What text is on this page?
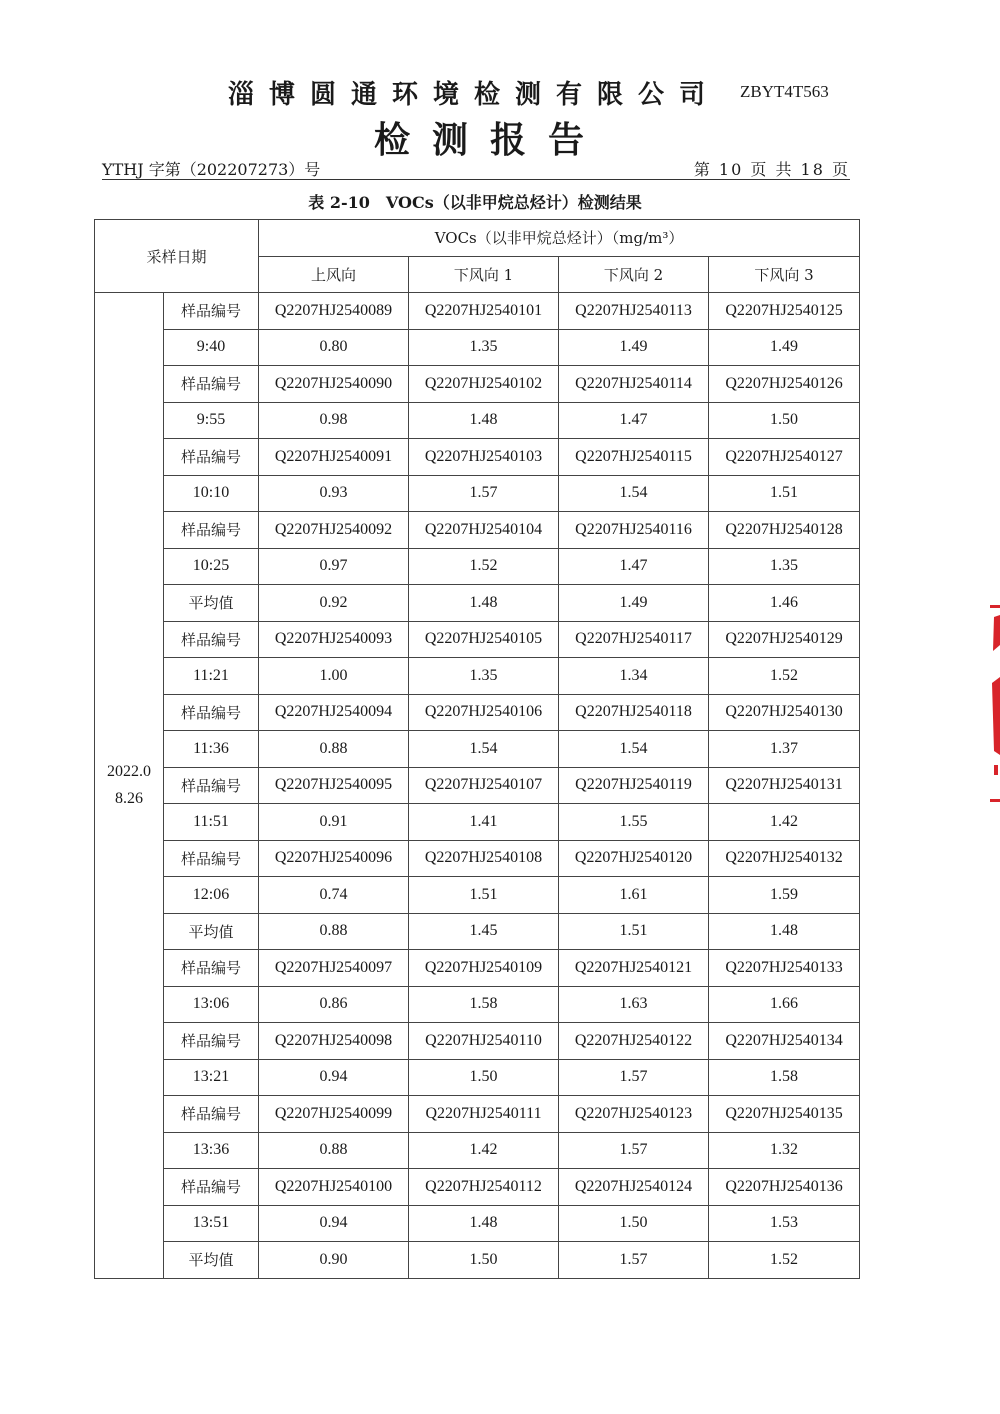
淄博圆通环境检测有限公司 ZBYT4T563
检测报告
YTHJ 字第（202207273）号	第 10 页 共 18 页
表 2-10　VOCs（以非甲烷总烃计）检测结果
采样日期		VOCs（以非甲烷总烃计）（mg/m³）			
		上风向	下风向 1	下风向 2	下风向 3
2022.0 8.26	样品编号	Q2207HJ2540089	Q2207HJ2540101	Q2207HJ2540113	Q2207HJ2540125
	9:40	0.80	1.35	1.49	1.49
	样品编号	Q2207HJ2540090	Q2207HJ2540102	Q2207HJ2540114	Q2207HJ2540126
	9:55	0.98	1.48	1.47	1.50
	样品编号	Q2207HJ2540091	Q2207HJ2540103	Q2207HJ2540115	Q2207HJ2540127
	10:10	0.93	1.57	1.54	1.51
	样品编号	Q2207HJ2540092	Q2207HJ2540104	Q2207HJ2540116	Q2207HJ2540128
	10:25	0.97	1.52	1.47	1.35
	平均值	0.92	1.48	1.49	1.46
	样品编号	Q2207HJ2540093	Q2207HJ2540105	Q2207HJ2540117	Q2207HJ2540129
	11:21	1.00	1.35	1.34	1.52
	样品编号	Q2207HJ2540094	Q2207HJ2540106	Q2207HJ2540118	Q2207HJ2540130
	11:36	0.88	1.54	1.54	1.37
	样品编号	Q2207HJ2540095	Q2207HJ2540107	Q2207HJ2540119	Q2207HJ2540131
	11:51	0.91	1.41	1.55	1.42
	样品编号	Q2207HJ2540096	Q2207HJ2540108	Q2207HJ2540120	Q2207HJ2540132
	12:06	0.74	1.51	1.61	1.59
	平均值	0.88	1.45	1.51	1.48
	样品编号	Q2207HJ2540097	Q2207HJ2540109	Q2207HJ2540121	Q2207HJ2540133
	13:06	0.86	1.58	1.63	1.66
	样品编号	Q2207HJ2540098	Q2207HJ2540110	Q2207HJ2540122	Q2207HJ2540134
	13:21	0.94	1.50	1.57	1.58
	样品编号	Q2207HJ2540099	Q2207HJ2540111	Q2207HJ2540123	Q2207HJ2540135
	13:36	0.88	1.42	1.57	1.32
	样品编号	Q2207HJ2540100	Q2207HJ2540112	Q2207HJ2540124	Q2207HJ2540136
	13:51	0.94	1.48	1.50	1.53
	平均值	0.90	1.50	1.57	1.52
